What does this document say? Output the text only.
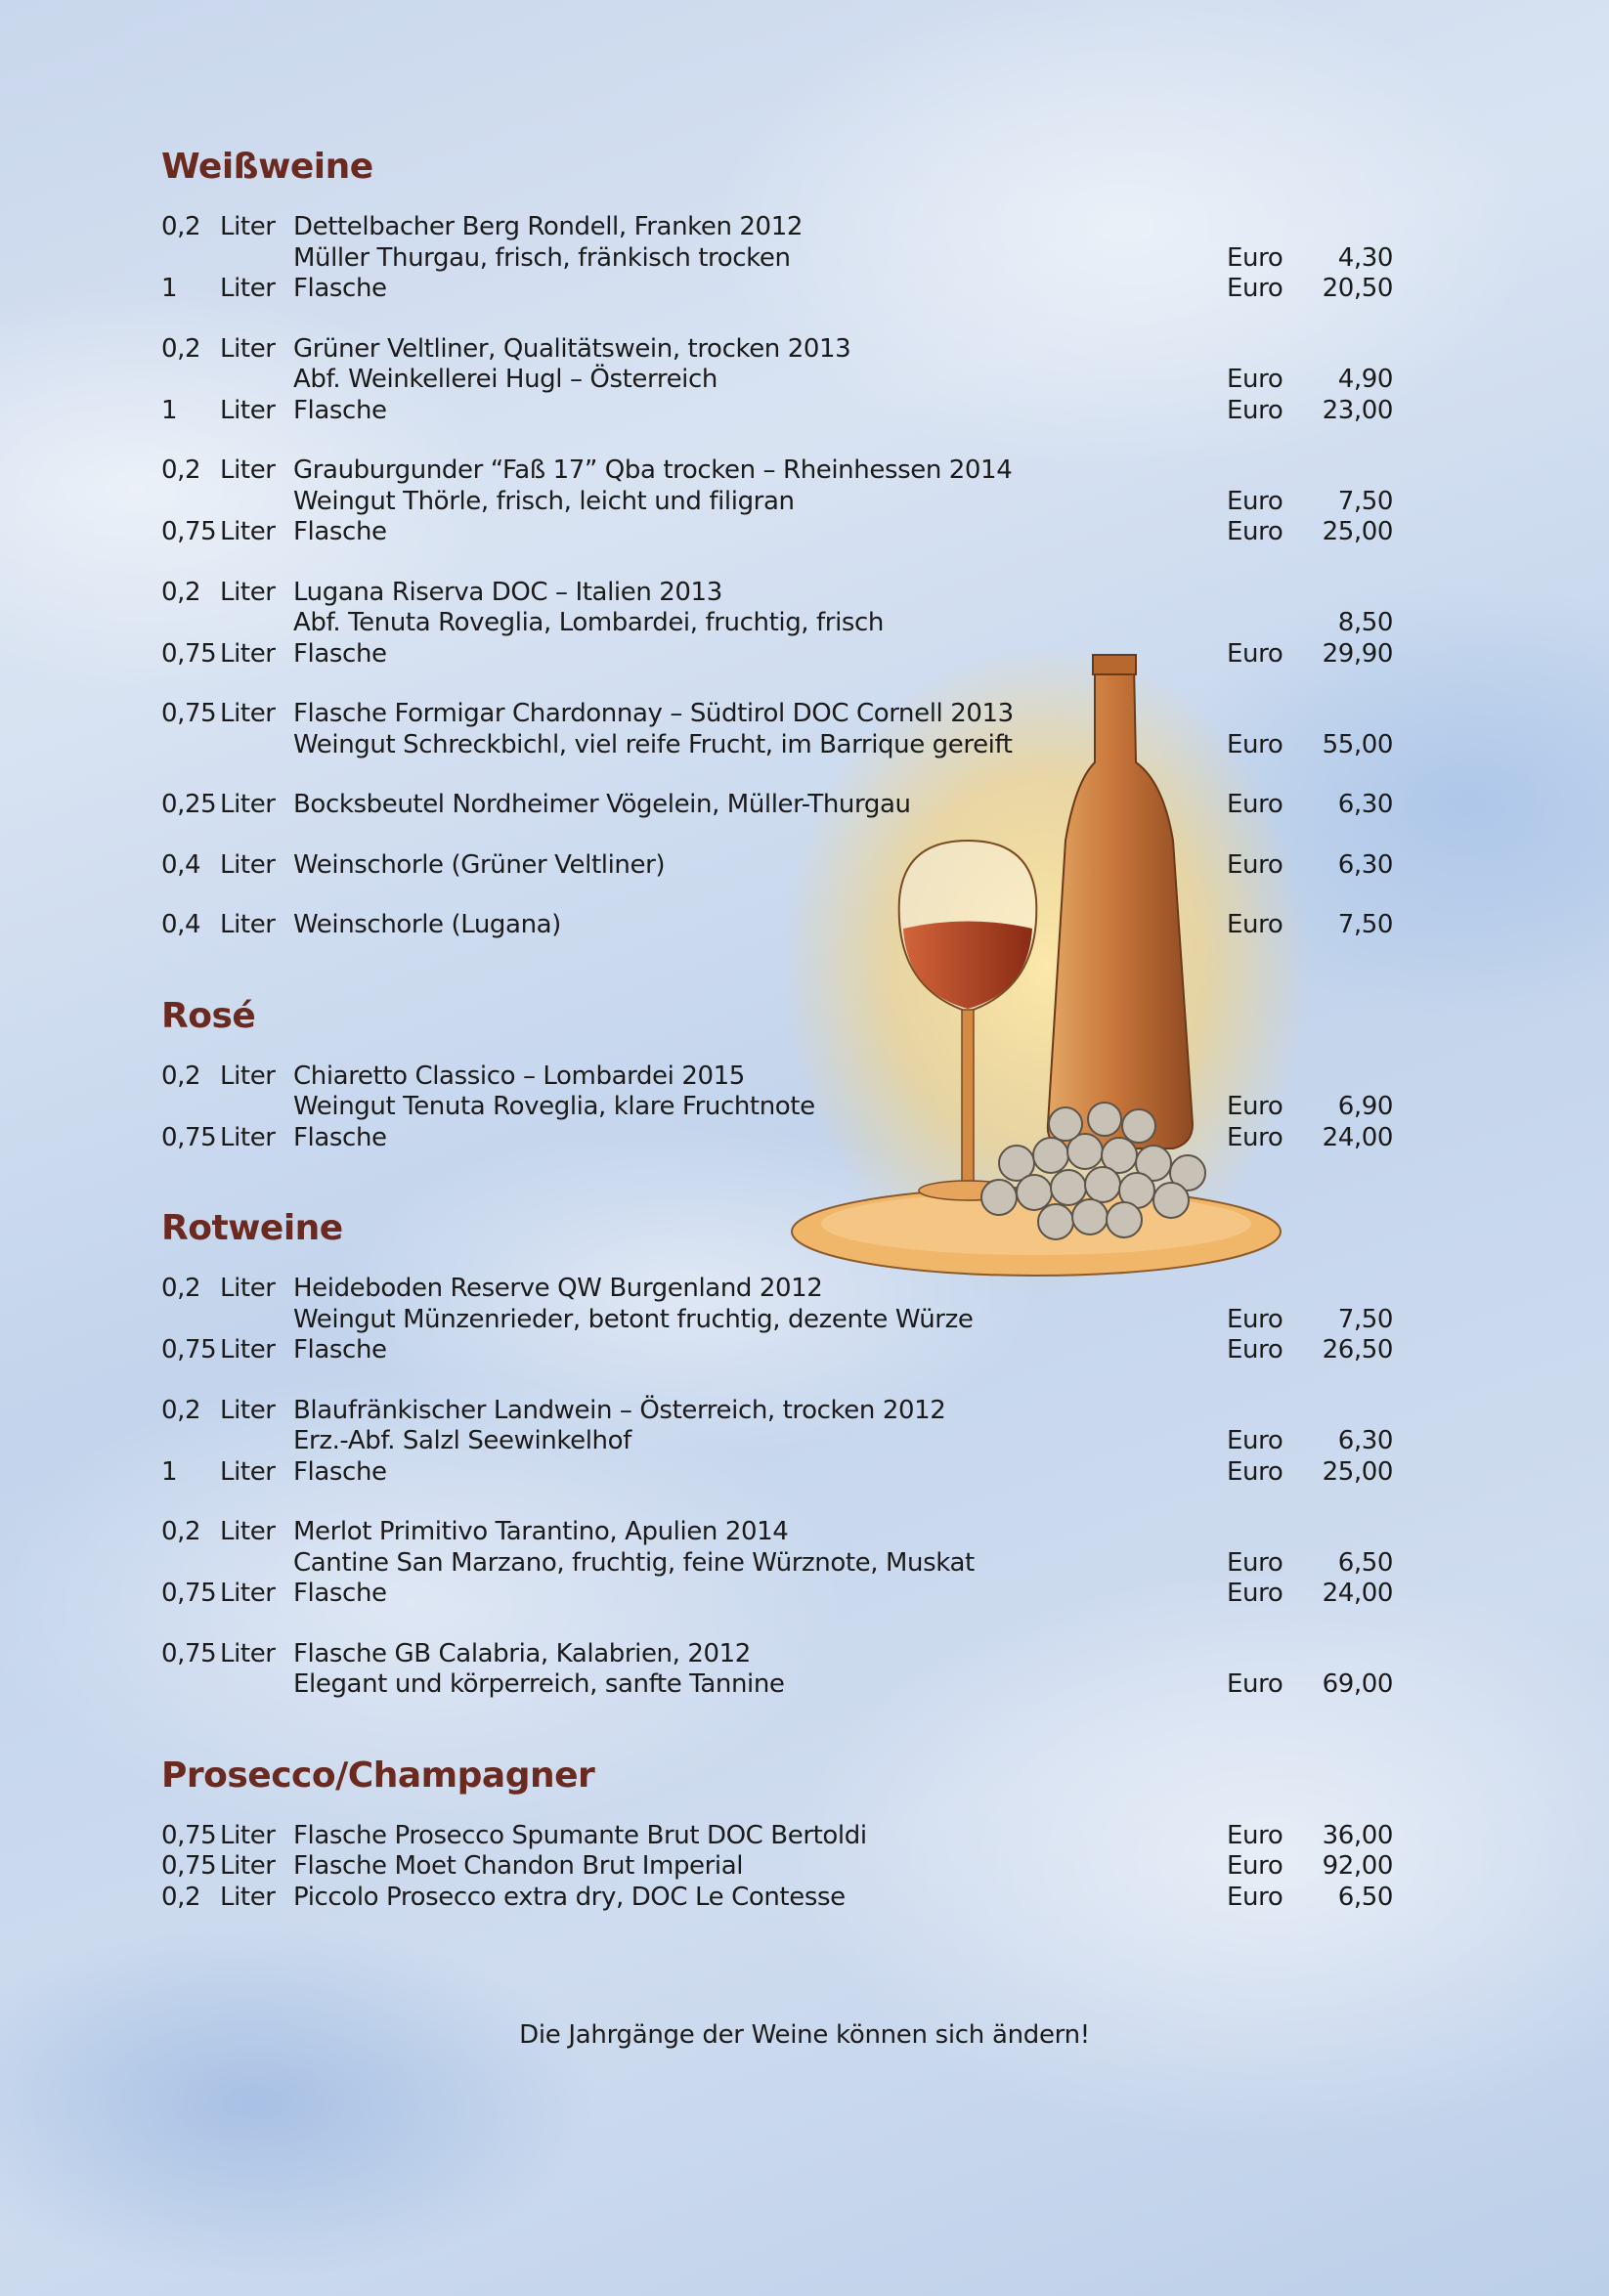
Weißweine
0,2 Liter Dettelbacher Berg Rondell, Franken 2012
Müller Thurgau, frisch, fränkisch trocken	Euro	4,30
1	Liter Flasche	Euro	20,50
0,2 Liter Grüner Veltliner, Qualitätswein, trocken 2013
Abf. Weinkellerei Hugl – Österreich	Euro	4,90
1	Liter Flasche	Euro	23,00
0,2 Liter Grauburgunder “Faß 17” Qba trocken – Rheinhessen 2014
Weingut Thörle, frisch, leicht und filigran	Euro	7,50
0,75 Liter Flasche	Euro	25,00
0,2 Liter Lugana Riserva DOC – Italien 2013
Abf. Tenuta Roveglia, Lombardei, fruchtig, frisch	8,50
0,75 Liter Flasche	Euro	29,90
0,75 Liter Flasche Formigar Chardonnay – Südtirol DOC Cornell 2013
Weingut Schreckbichl, viel reife Frucht, im Barrique gereift	Euro	55,00
0,25 Liter Bocksbeutel Nordheimer Vögelein, Müller-Thurgau	Euro	6,30
0,4 Liter Weinschorle (Grüner Veltliner)	Euro	6,30
0,4 Liter Weinschorle (Lugana)	Euro	7,50
Rosé
0,2 Liter Chiaretto Classico – Lombardei 2015
Weingut Tenuta Roveglia, klare Fruchtnote	Euro	6,90
0,75 Liter Flasche	Euro	24,00
Rotweine
0,2 Liter Heideboden Reserve QW Burgenland 2012
Weingut Münzenrieder, betont fruchtig, dezente Würze	Euro	7,50
0,75 Liter Flasche	Euro	26,50
0,2 Liter Blaufränkischer Landwein – Österreich, trocken 2012
Erz.-Abf. Salzl Seewinkelhof	Euro	6,30
1	Liter Flasche	Euro	25,00
0,2 Liter Merlot Primitivo Tarantino, Apulien 2014
Cantine San Marzano, fruchtig, feine Würznote, Muskat	Euro	6,50
0,75 Liter Flasche	Euro	24,00
0,75 Liter Flasche GB Calabria, Kalabrien, 2012
Elegant und körperreich, sanfte Tannine	Euro	69,00
Prosecco/Champagner
0,75 Liter Flasche Prosecco Spumante Brut DOC Bertoldi	Euro	36,00
0,75 Liter Flasche Moet Chandon Brut Imperial	Euro	92,00
0,2 Liter Piccolo Prosecco extra dry, DOC Le Contesse	Euro	6,50
Die Jahrgänge der Weine können sich ändern!
